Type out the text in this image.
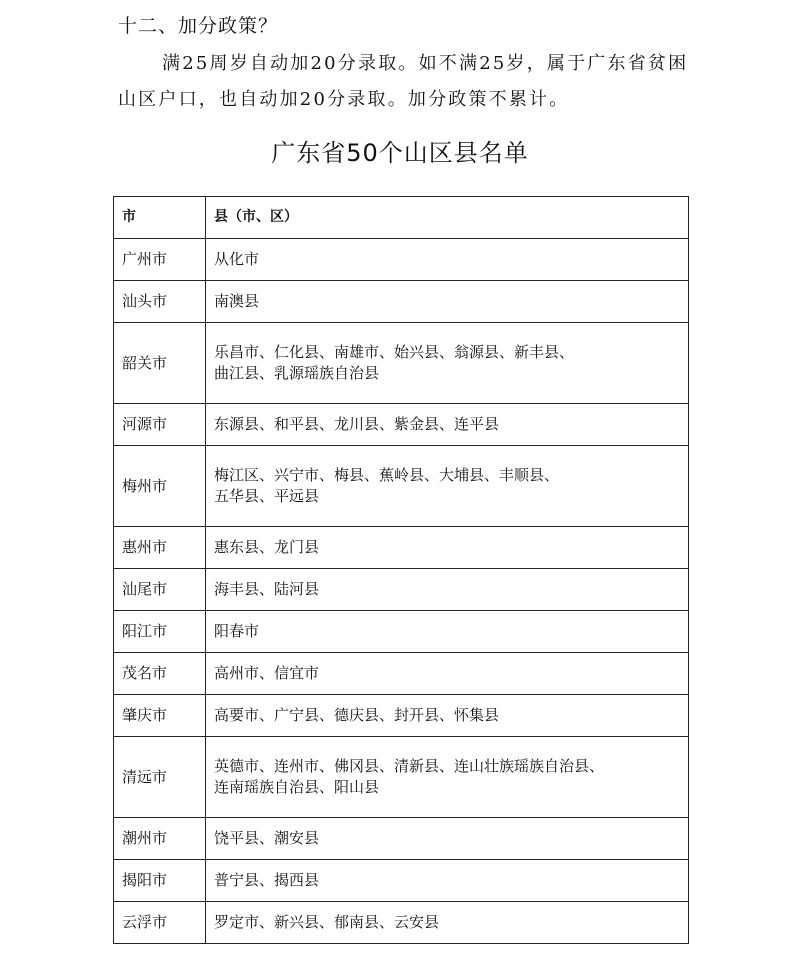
十二、加分政策？
满25周岁自动加20分录取。如不满25岁，属于广东省贫困山区户口，也自动加20分录取。加分政策不累计。
广东省50个山区县名单
市	县（市、区）
广州市	从化市

汕头市	南澳县

韶关市	乐昌市、仁化县、南雄市、始兴县、翁源县、新丰县、
曲江县、乳源瑶族自治县

河源市	东源县、和平县、龙川县、紫金县、连平县

梅州市	梅江区、兴宁市、梅县、蕉岭县、大埔县、丰顺县、
五华县、平远县

惠州市	惠东县、龙门县

汕尾市	海丰县、陆河县

阳江市	阳春市

茂名市	高州市、信宜市

肇庆市	高要市、广宁县、德庆县、封开县、怀集县

清远市	英德市、连州市、佛冈县、清新县、连山壮族瑶族自治县、
连南瑶族自治县、阳山县

潮州市	饶平县、潮安县

揭阳市	普宁县、揭西县

云浮市	罗定市、新兴县、郁南县、云安县
